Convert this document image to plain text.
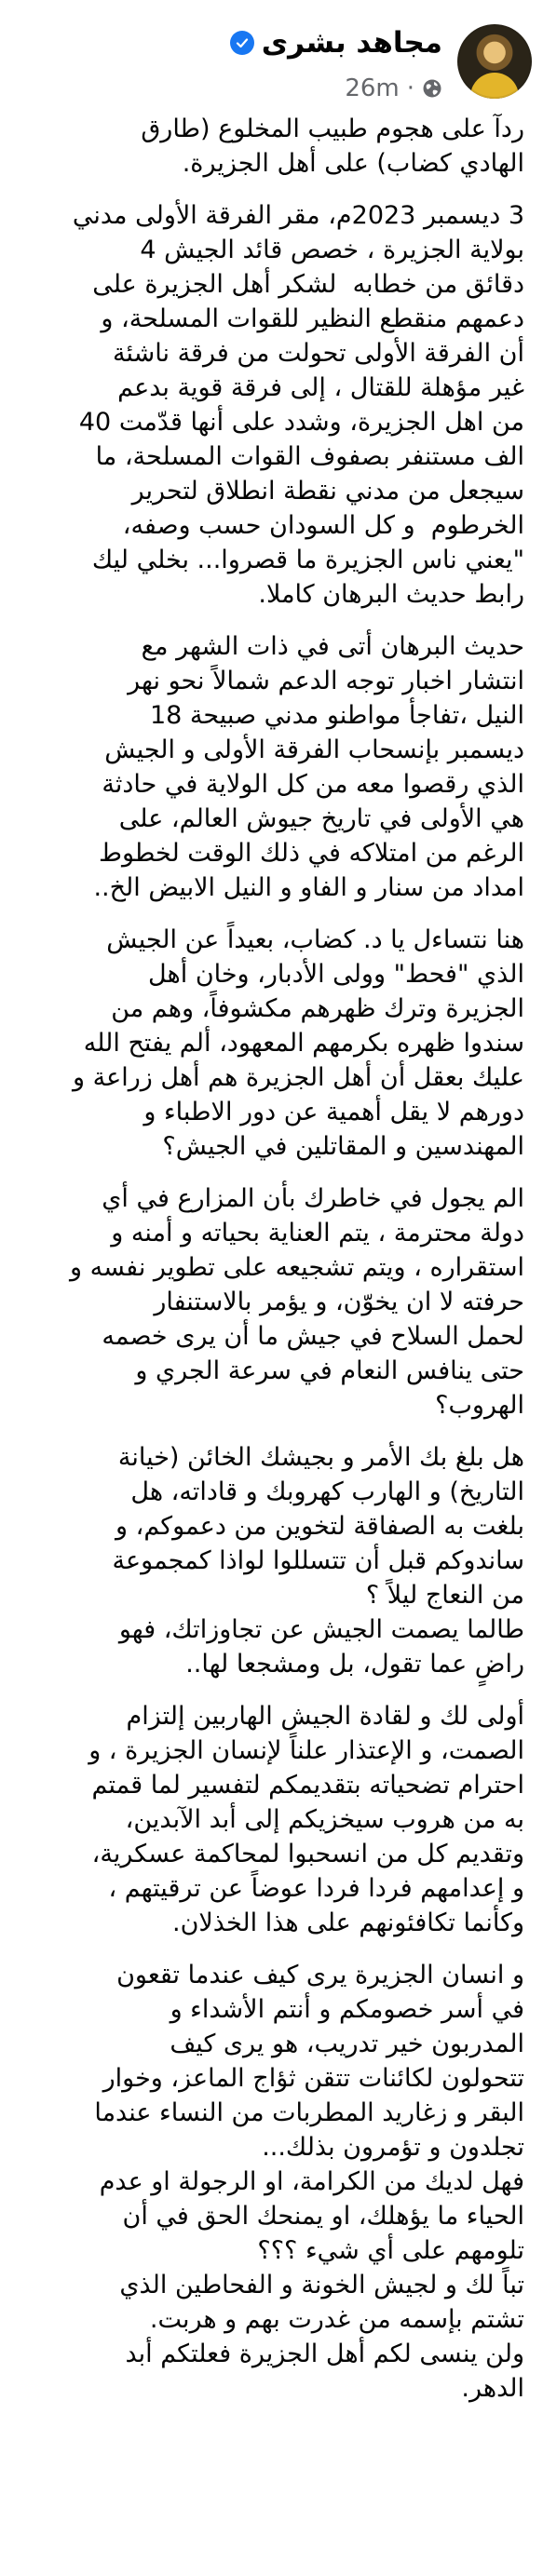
مجاهد بشرى
26m ·

ردآ على هجوم طبيب المخلوع (طارق
الهادي كضاب) على أهل الجزيرة.

3 ديسمبر 2023م، مقر الفرقة الأولى مدني
بولاية الجزيرة ، خصص قائد الجيش 4
دقائق من خطابه  لشكر أهل الجزيرة على
دعمهم منقطع النظير للقوات المسلحة، و
أن الفرقة الأولى تحولت من فرقة ناشئة
غير مؤهلة للقتال ، إلى فرقة قوية بدعم
من اهل الجزيرة، وشدد على أنها قدّمت 40
الف مستنفر بصفوف القوات المسلحة، ما
سيجعل من مدني نقطة انطلاق لتحرير
الخرطوم  و كل السودان حسب وصفه،
"يعني ناس الجزيرة ما قصروا... بخلي ليك
رابط حديث البرهان كاملا.

حديث البرهان أتى في ذات الشهر مع
انتشار اخبار توجه الدعم شمالاً نحو نهر
النيل ،تفاجأ مواطنو مدني صبيحة 18
ديسمبر بإنسحاب الفرقة الأولى و الجيش
الذي رقصوا معه من كل الولاية في حادثة
هي الأولى في تاريخ جيوش العالم، على
الرغم من امتلاكه في ذلك الوقت لخطوط
امداد من سنار و الفاو و النيل الابيض الخ..

هنا نتساءل يا د. كضاب، بعيداً عن الجيش
الذي "فحط" وولى الأدبار، وخان أهل
الجزيرة وترك ظهرهم مكشوفاً، وهم من
سندوا ظهره بكرمهم المعهود، ألم يفتح الله
عليك بعقل أن أهل الجزيرة هم أهل زراعة و
دورهم لا يقل أهمية عن دور الاطباء و
المهندسين و المقاتلين في الجيش؟

الم يجول في خاطرك بأن المزارع في أي
دولة محترمة ، يتم العناية بحياته و أمنه و
استقراره ، ويتم تشجيعه على تطوير نفسه و
حرفته لا ان يخوّن، و يؤمر بالاستنفار
لحمل السلاح في جيش ما أن يرى خصمه
حتى ينافس النعام في سرعة الجري و
الهروب؟

هل بلغ بك الأمر و بجيشك الخائن (خيانة
التاريخ) و الهارب كهروبك و قاداته، هل
بلغت به الصفاقة لتخوين من دعموكم، و
ساندوكم قبل أن تتسللوا لواذا كمجموعة
من النعاج ليلاً ؟
طالما يصمت الجيش عن تجاوزاتك، فهو
راضٍ عما تقول، بل ومشجعا لها..

أولى لك و لقادة الجيش الهاربين إلتزام
الصمت، و الإعتذار علناً لإنسان الجزيرة ، و
احترام تضحياته بتقديمكم لتفسير لما قمتم
به من هروب سيخزيكم إلى أبد الآبدين،
وتقديم كل من انسحبوا لمحاكمة عسكرية،
و إعدامهم فردا فردا عوضاً عن ترقيتهم ،
وكأنما تكافئونهم على هذا الخذلان.

و انسان الجزيرة يرى كيف عندما تقعون
في أسر خصومكم و أنتم الأشداء و
المدربون خير تدريب، هو يرى كيف
تتحولون لكائنات تتقن ثؤاج الماعز، وخوار
البقر و زغاريد المطربات من النساء عندما
تجلدون و تؤمرون بذلك...
فهل لديك من الكرامة، او الرجولة او عدم
الحياء ما يؤهلك، او يمنحك الحق في أن
تلومهم على أي شيء ؟؟؟
تباً لك و لجيش الخونة و الفحاطين الذي
تشتم بإسمه من غدرت بهم و هربت.
ولن ينسى لكم أهل الجزيرة فعلتكم أبد
الدهر.
